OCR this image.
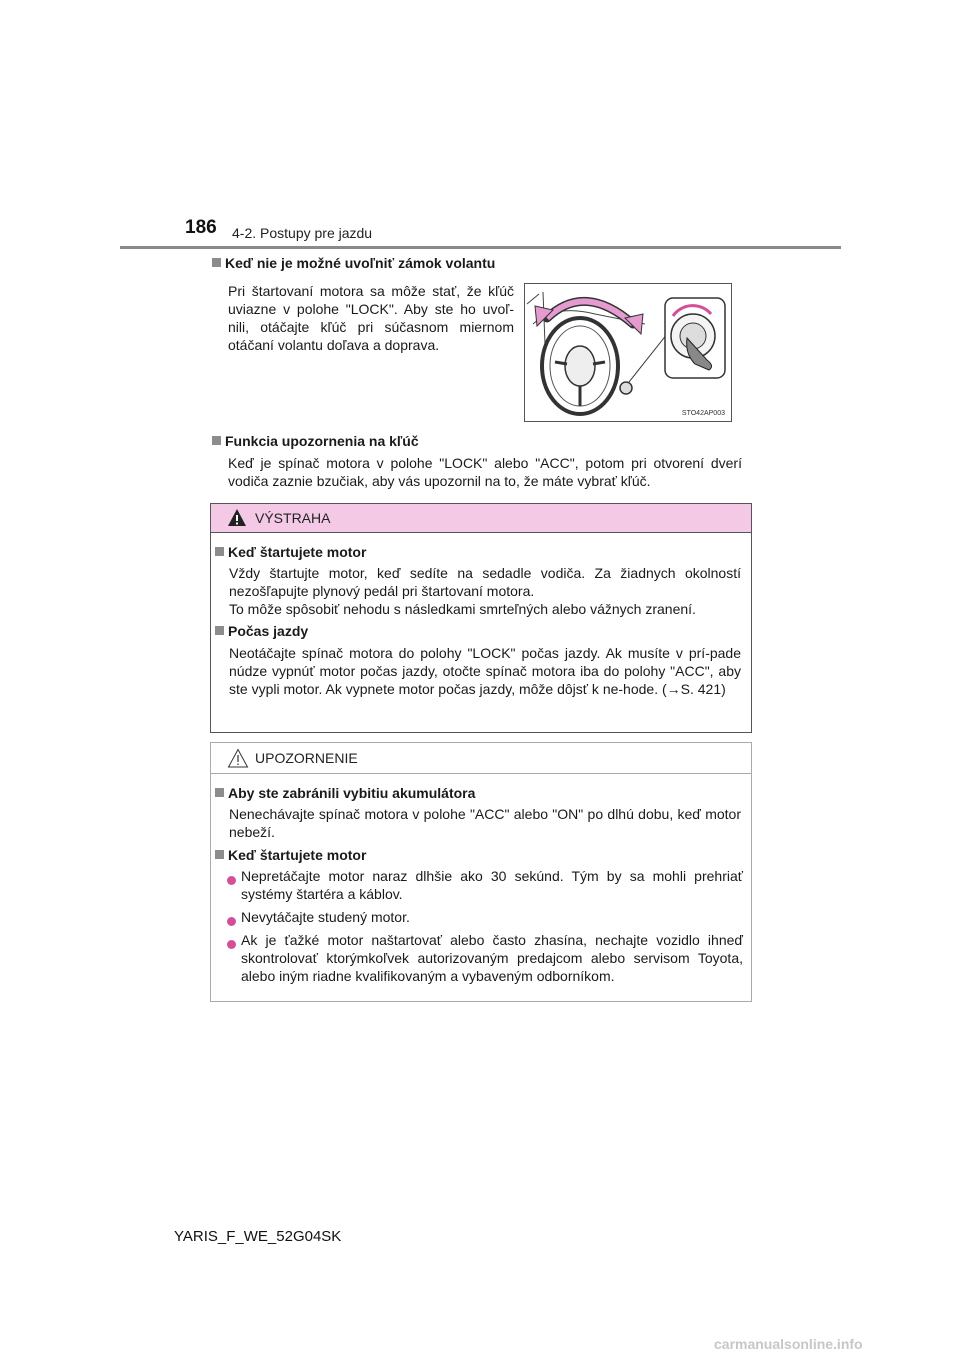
186 4-2. Postupy pre jazdu
Keď nie je možné uvoľniť zámok volantu
Pri štartovaní motora sa môže stať, že kľúč uviazne v polohe "LOCK". Aby ste ho uvoľ-nili, otáčajte kľúč pri súčasnom miernom otáčaní volantu doľava a doprava.
STO42AP003
Funkcia upozornenia na kľúč
Keď je spínač motora v polohe "LOCK" alebo "ACC", potom pri otvorení dverí vodiča zaznie bzučiak, aby vás upozornil na to, že máte vybrať kľúč.
VÝSTRAHA
Keď štartujete motor
Vždy štartujte motor, keď sedíte na sedadle vodiča. Za žiadnych okolností nezošľapujte plynový pedál pri štartovaní motora.
To môže spôsobiť nehodu s následkami smrteľných alebo vážnych zranení.
Počas jazdy
Neotáčajte spínač motora do polohy "LOCK" počas jazdy. Ak musíte v prí-pade núdze vypnúť motor počas jazdy, otočte spínač motora iba do polohy "ACC", aby ste vypli motor. Ak vypnete motor počas jazdy, môže dôjsť k ne-hode. (→S. 421)
UPOZORNENIE
Aby ste zabránili vybitiu akumulátora
Nenechávajte spínač motora v polohe "ACC" alebo "ON" po dlhú dobu, keď motor nebeží.
Keď štartujete motor
Nepretáčajte motor naraz dlhšie ako 30 sekúnd. Tým by sa mohli prehriať systémy štartéra a káblov.
Nevytáčajte studený motor.
Ak je ťažké motor naštartovať alebo často zhasína, nechajte vozidlo ihneď skontrolovať ktorýmkoľvek autorizovaným predajcom alebo servisom Toyota, alebo iným riadne kvalifikovaným a vybaveným odborníkom.
YARIS_F_WE_52G04SK
carmanualsonline.info
